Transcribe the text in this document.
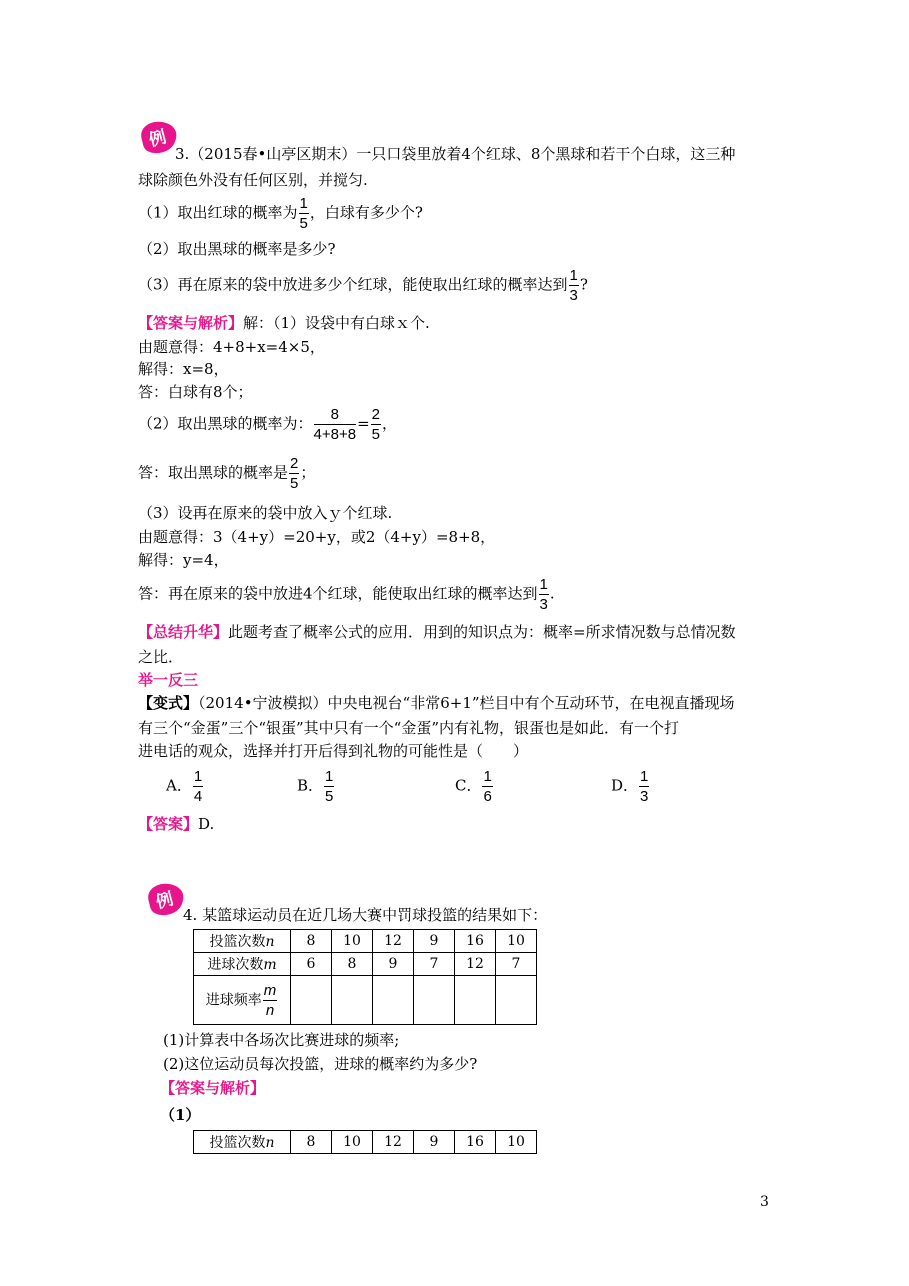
例
3.（2015春•山亭区期末）一只口袋里放着4个红球、8个黑球和若干个白球，这三种
球除颜色外没有任何区别，并搅匀.
（1）取出红球的概率为 $\frac{1}{5}$ ，白球有多少个?
（2）取出黑球的概率是多少?
（3）再在原来的袋中放进多少个红球，能使取出红球的概率达到 $\frac{1}{3}$ ?
【答案与解析】解：（1）设袋中有白球ｘ个.
由题意得：4+8+x=4×5，
解得：x=8，
答：白球有8个；
（2）取出黑球的概率为： $\frac{8}{4+8+8} = \frac{2}{5}$ ，
答：取出黑球的概率是 $\frac{2}{5}$ ；
（3）设再在原来的袋中放入ｙ个红球.
由题意得：3（4+y）=20+y，或2（4+y）=8+8，
解得：y=4，
答：再在原来的袋中放进4个红球，能使取出红球的概率达到 $\frac{1}{3}$ .
【总结升华】此题考查了概率公式的应用．用到的知识点为：概率=所求情况数与总情况数
之比．
举一反三
【变式】（2014•宁波模拟）中央电视台“非常6+1”栏目中有个互动环节，在电视直播现场
有三个“金蛋”三个“银蛋”其中只有一个“金蛋”内有礼物，银蛋也是如此．有一个打
进电话的观众，选择并打开后得到礼物的可能性是（　　）
A． $\frac{1}{4}$	B． $\frac{1}{5}$	C． $\frac{1}{6}$	D． $\frac{1}{3}$
【答案】D.
例
4. 某篮球运动员在近几场大赛中罚球投篮的结果如下：
投篮次数n	8	10	12	9	16	10
进球次数m	6	8	9	7	12	7
进球频率 $\frac{m}{n}$

(1)计算表中各场次比赛进球的频率;
(2)这位运动员每次投篮，进球的概率约为多少?
【答案与解析】
（1）
投篮次数n	8	10	12	9	16	10
3
